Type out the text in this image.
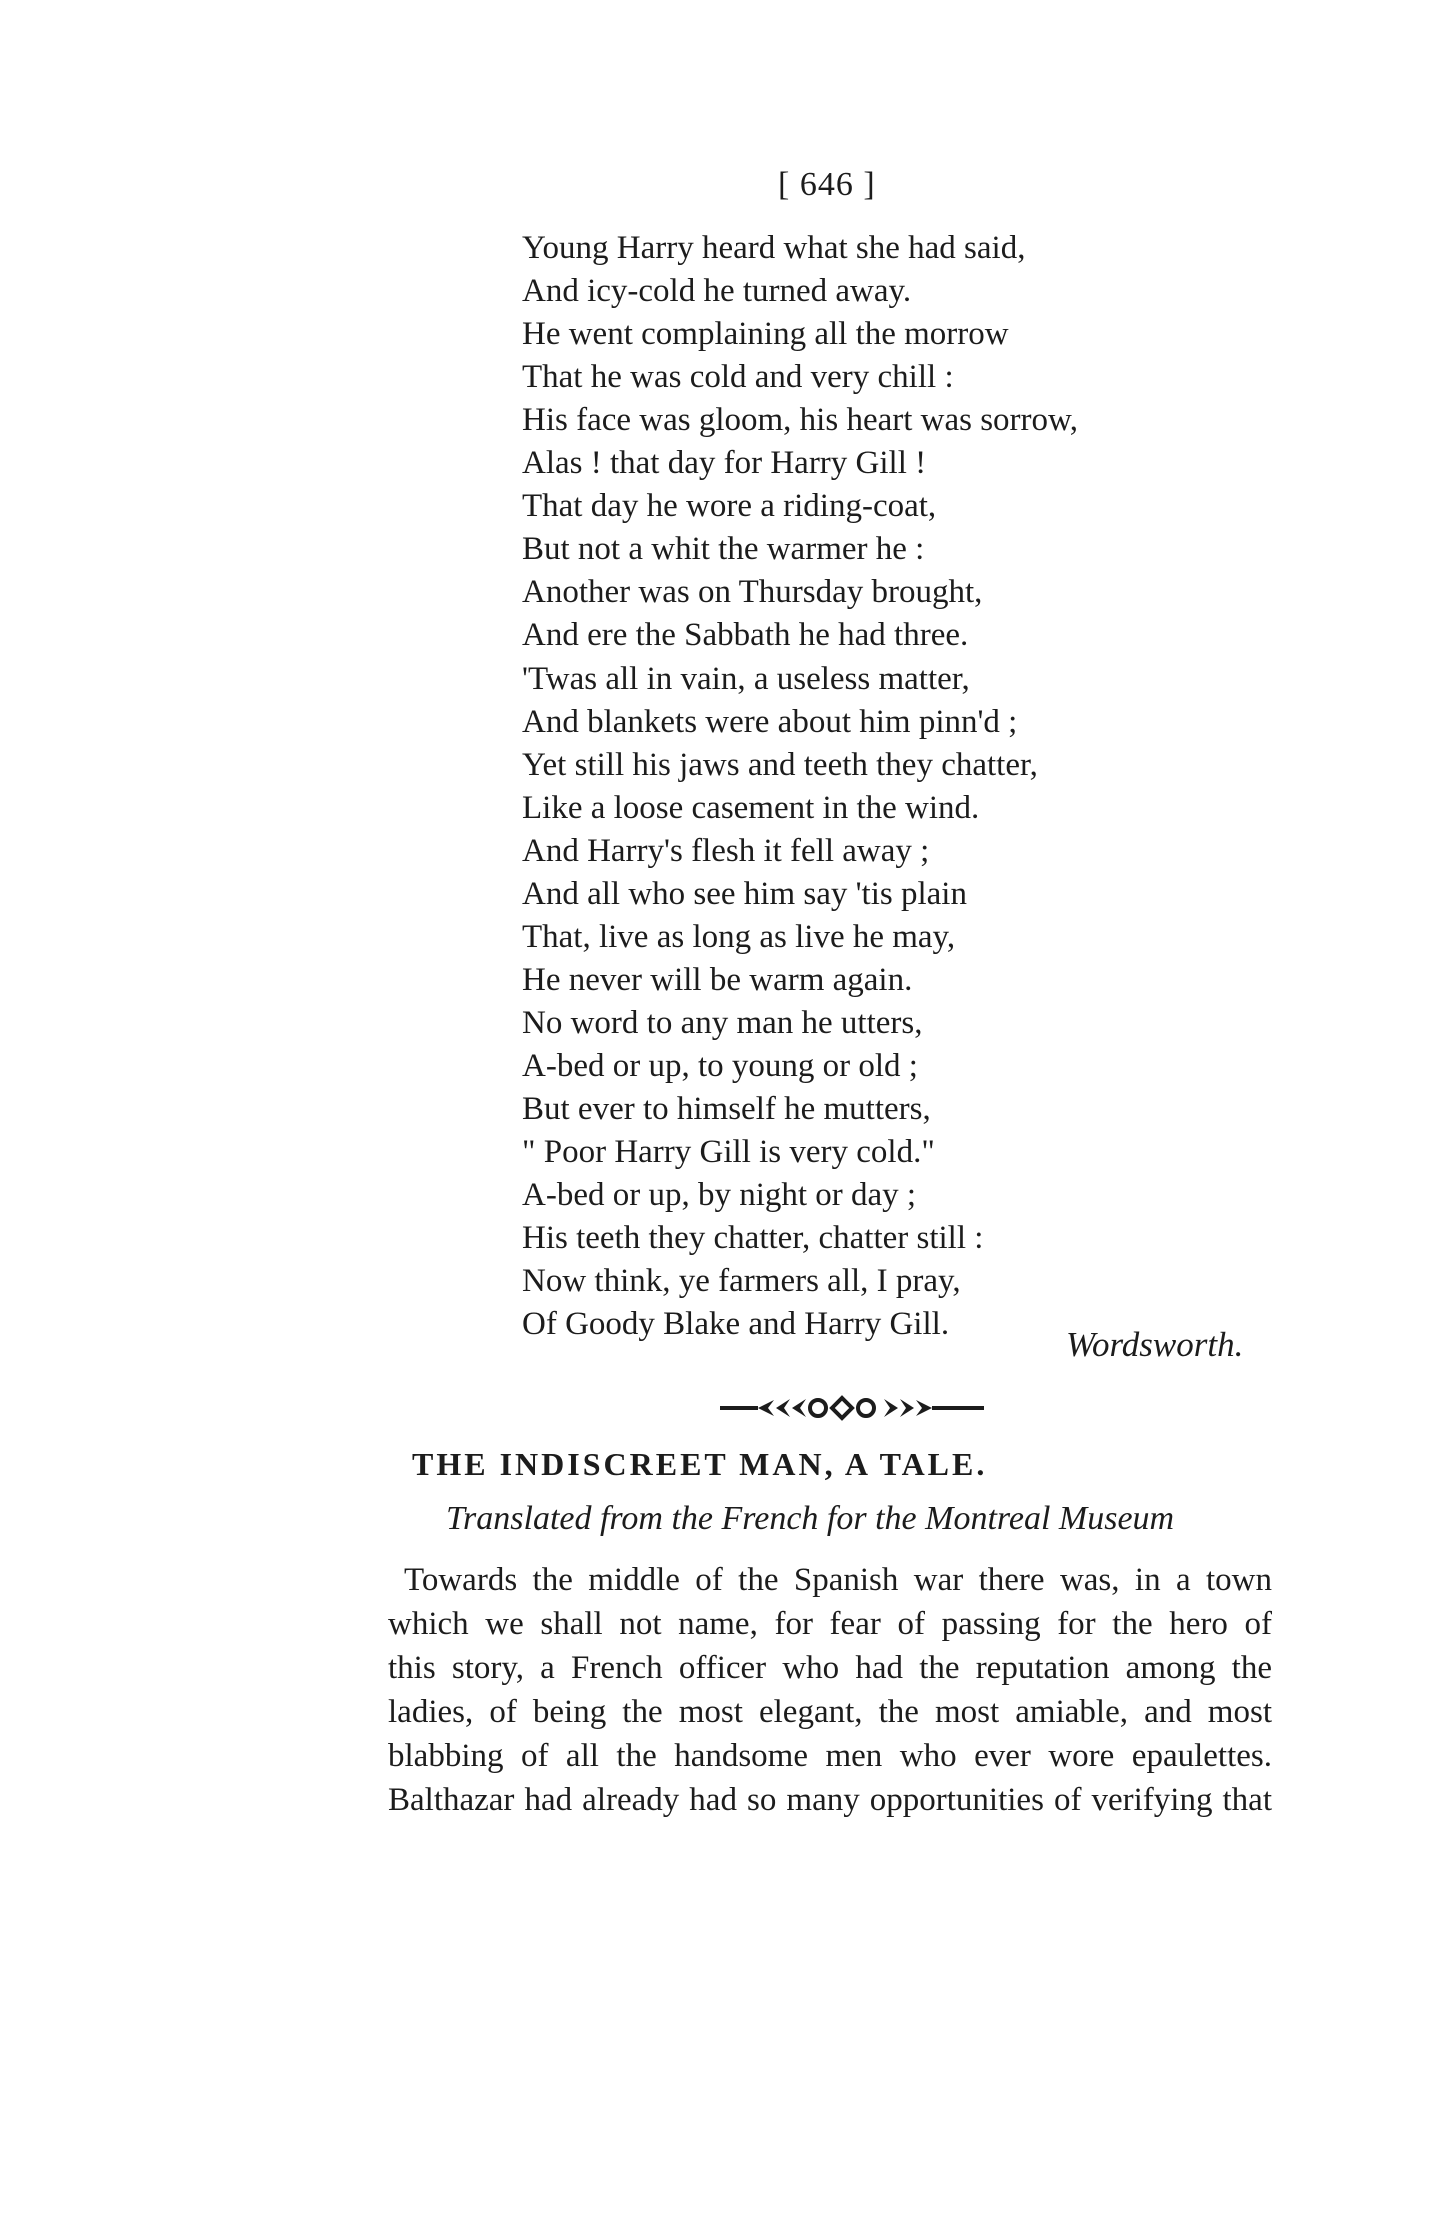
[ 646 ]
Young Harry heard what she had said,
And icy-cold he turned away.
He went complaining all the morrow
That he was cold and very chill :
His face was gloom, his heart was sorrow,
Alas ! that day for Harry Gill !
That day he wore a riding-coat,
But not a whit the warmer he :
Another was on Thursday brought,
And ere the Sabbath he had three.
'Twas all in vain, a useless matter,
And blankets were about him pinn'd ;
Yet still his jaws and teeth they chatter,
Like a loose casement in the wind.
And Harry's flesh it fell away ;
And all who see him say 'tis plain
That, live as long as live he may,
He never will be warm again.
No word to any man he utters,
A-bed or up, to young or old ;
But ever to himself he mutters,
" Poor Harry Gill is very cold."
A-bed or up, by night or day ;
His teeth they chatter, chatter still :
Now think, ye farmers all, I pray,
Of Goody Blake and Harry Gill.
Wordsworth.
THE INDISCREET MAN, A TALE.

Translated from the French for the Montreal Museum

Towards the middle of the Spanish war there was, in a town
which we shall not name, for fear of passing for the hero of
this story, a French officer who had the reputation among the
ladies, of being the most elegant, the most amiable, and most
blabbing of all the handsome men who ever wore epaulettes.
Balthazar had already had so many opportunities of verifying that
